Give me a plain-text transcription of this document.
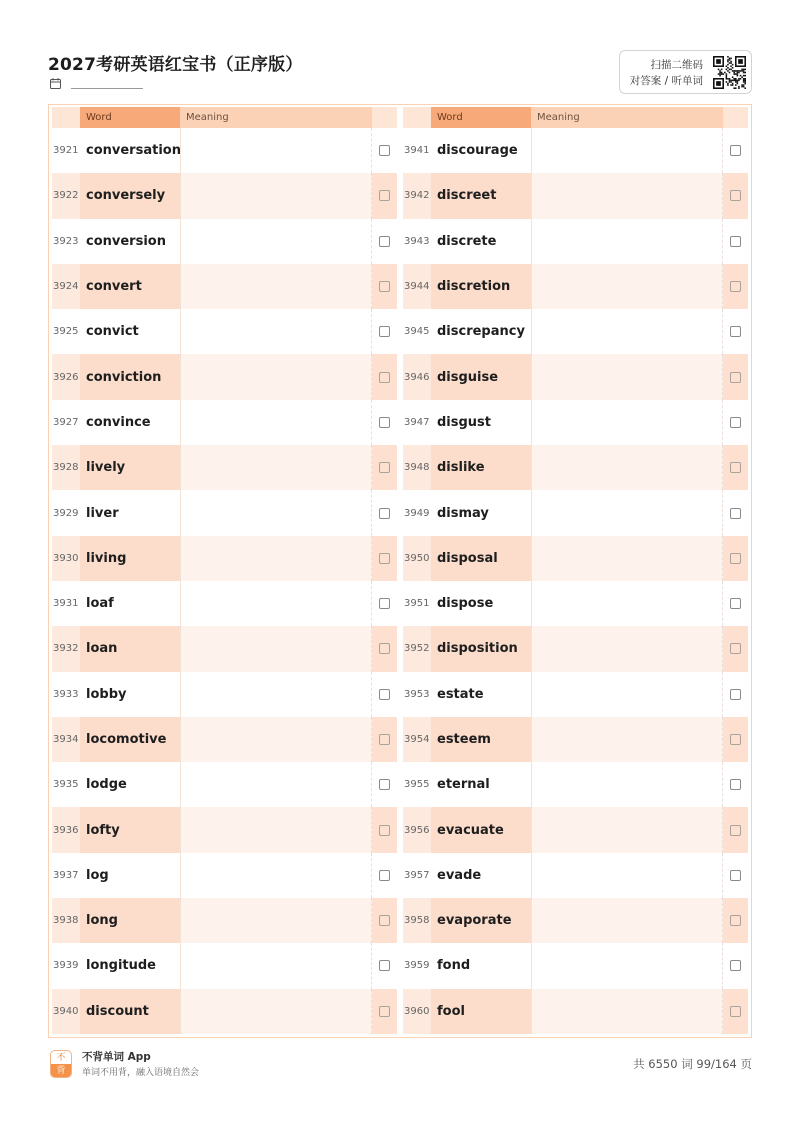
2027考研英语红宝书（正序版）	扫描二维码
对答案 / 听单词
Word	Meaning
3921 conversation
3922 conversely
3923 conversion
3924 convert
3925 convict
3926 conviction
3927 convince
3928 lively
3929 liver
3930 living
3931 loaf
3932 loan
3933 lobby
3934 locomotive
3935 lodge
3936 lofty
3937 log
3938 long
3939 longitude
3940 discount
Word	Meaning
3941 discourage
3942 discreet
3943 discrete
3944 discretion
3945 discrepancy
3946 disguise
3947 disgust
3948 dislike
3949 dismay
3950 disposal
3951 dispose
3952 disposition
3953 estate
3954 esteem
3955 eternal
3956 evacuate
3957 evade
3958 evaporate
3959 fond
3960 fool
不
背
不背单词 App
单词不用背，融入语境自然会
共 6550 词 99/164 页
